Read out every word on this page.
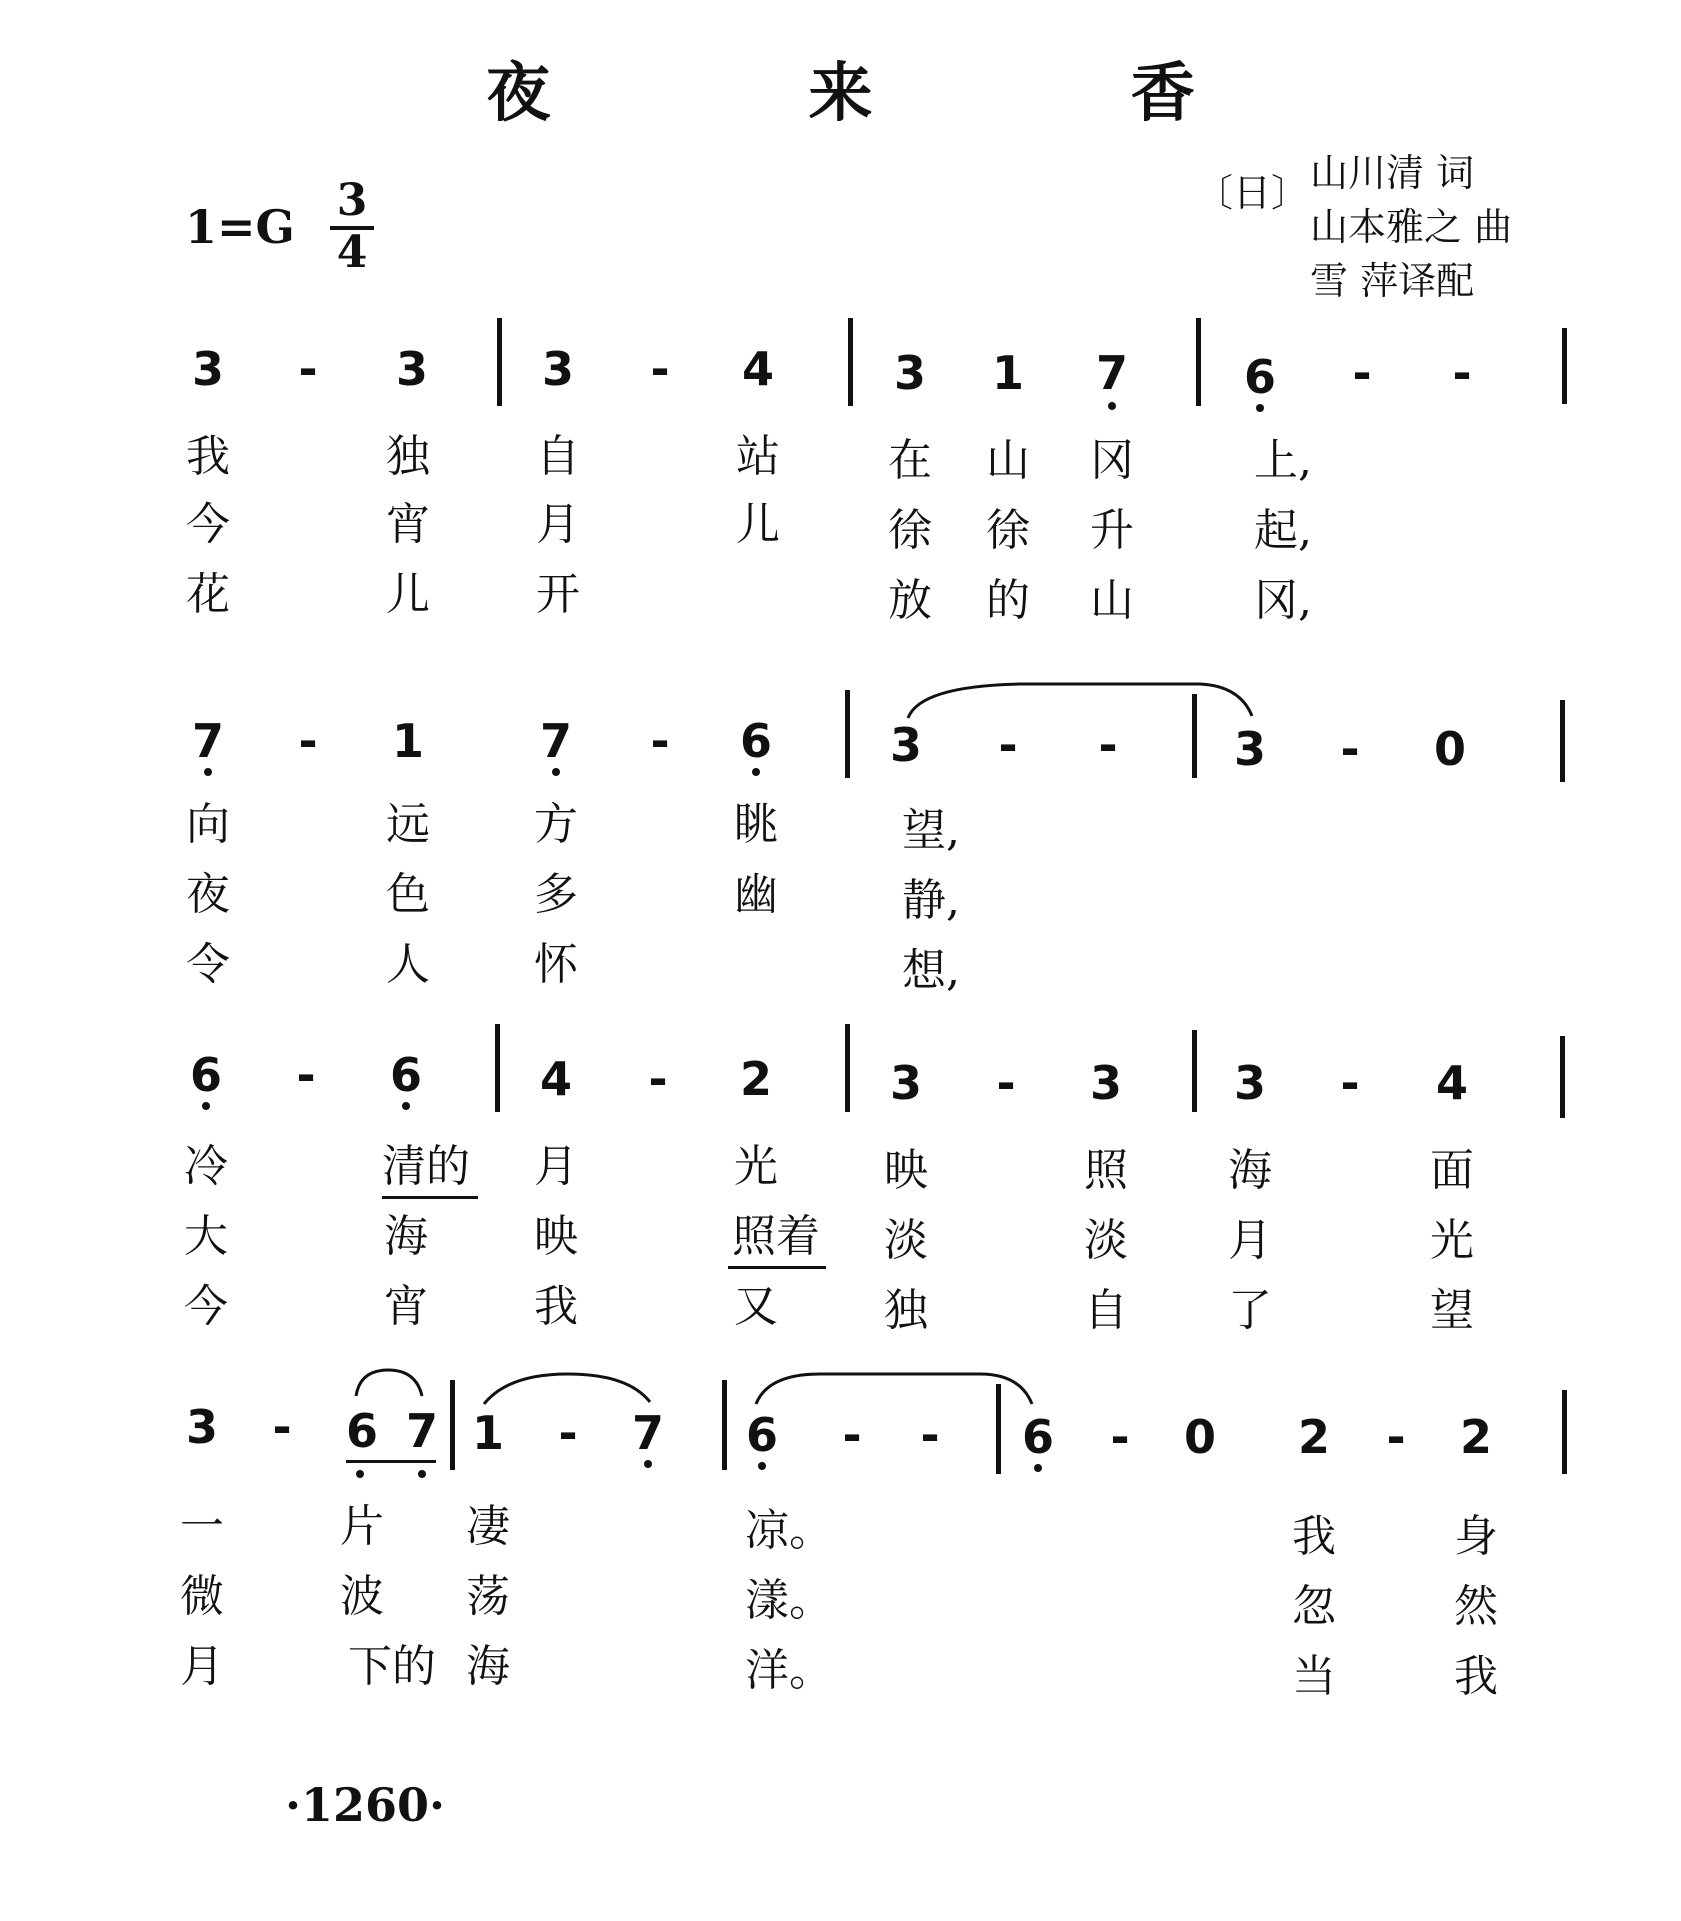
夜 来 香
$1=G \frac{3}{4}$	〔日〕 山川清 词
山本雅之 曲
雪 萍译配
3 - 3 3 - 4	3 1 7	6 - -
我	独 自	站 在 山 冈	上,
今	宵 月	儿 徐 徐 升	起,
花	儿 开	放 的 山	冈,
7 - 1	7 - 6	3 - -	3 - 0
向	远 方	眺	望,
夜	色 多	幽	静,
令	人 怀	想,
6 - 6	4 - 2	3 - 3 3 - 4
冷	清的 月	光 映	照 海	面
大	海 映	照着 淡	淡 月	光
今	宵 我	又 独	自 了	望
3 - 6 7 1 - 7 6 - - 6 - 0 2 - 2
一	片 凄	凉。	我	身
微	波 荡	漾。	忽	然
月	下的 海	洋。	当	我
·1260·
